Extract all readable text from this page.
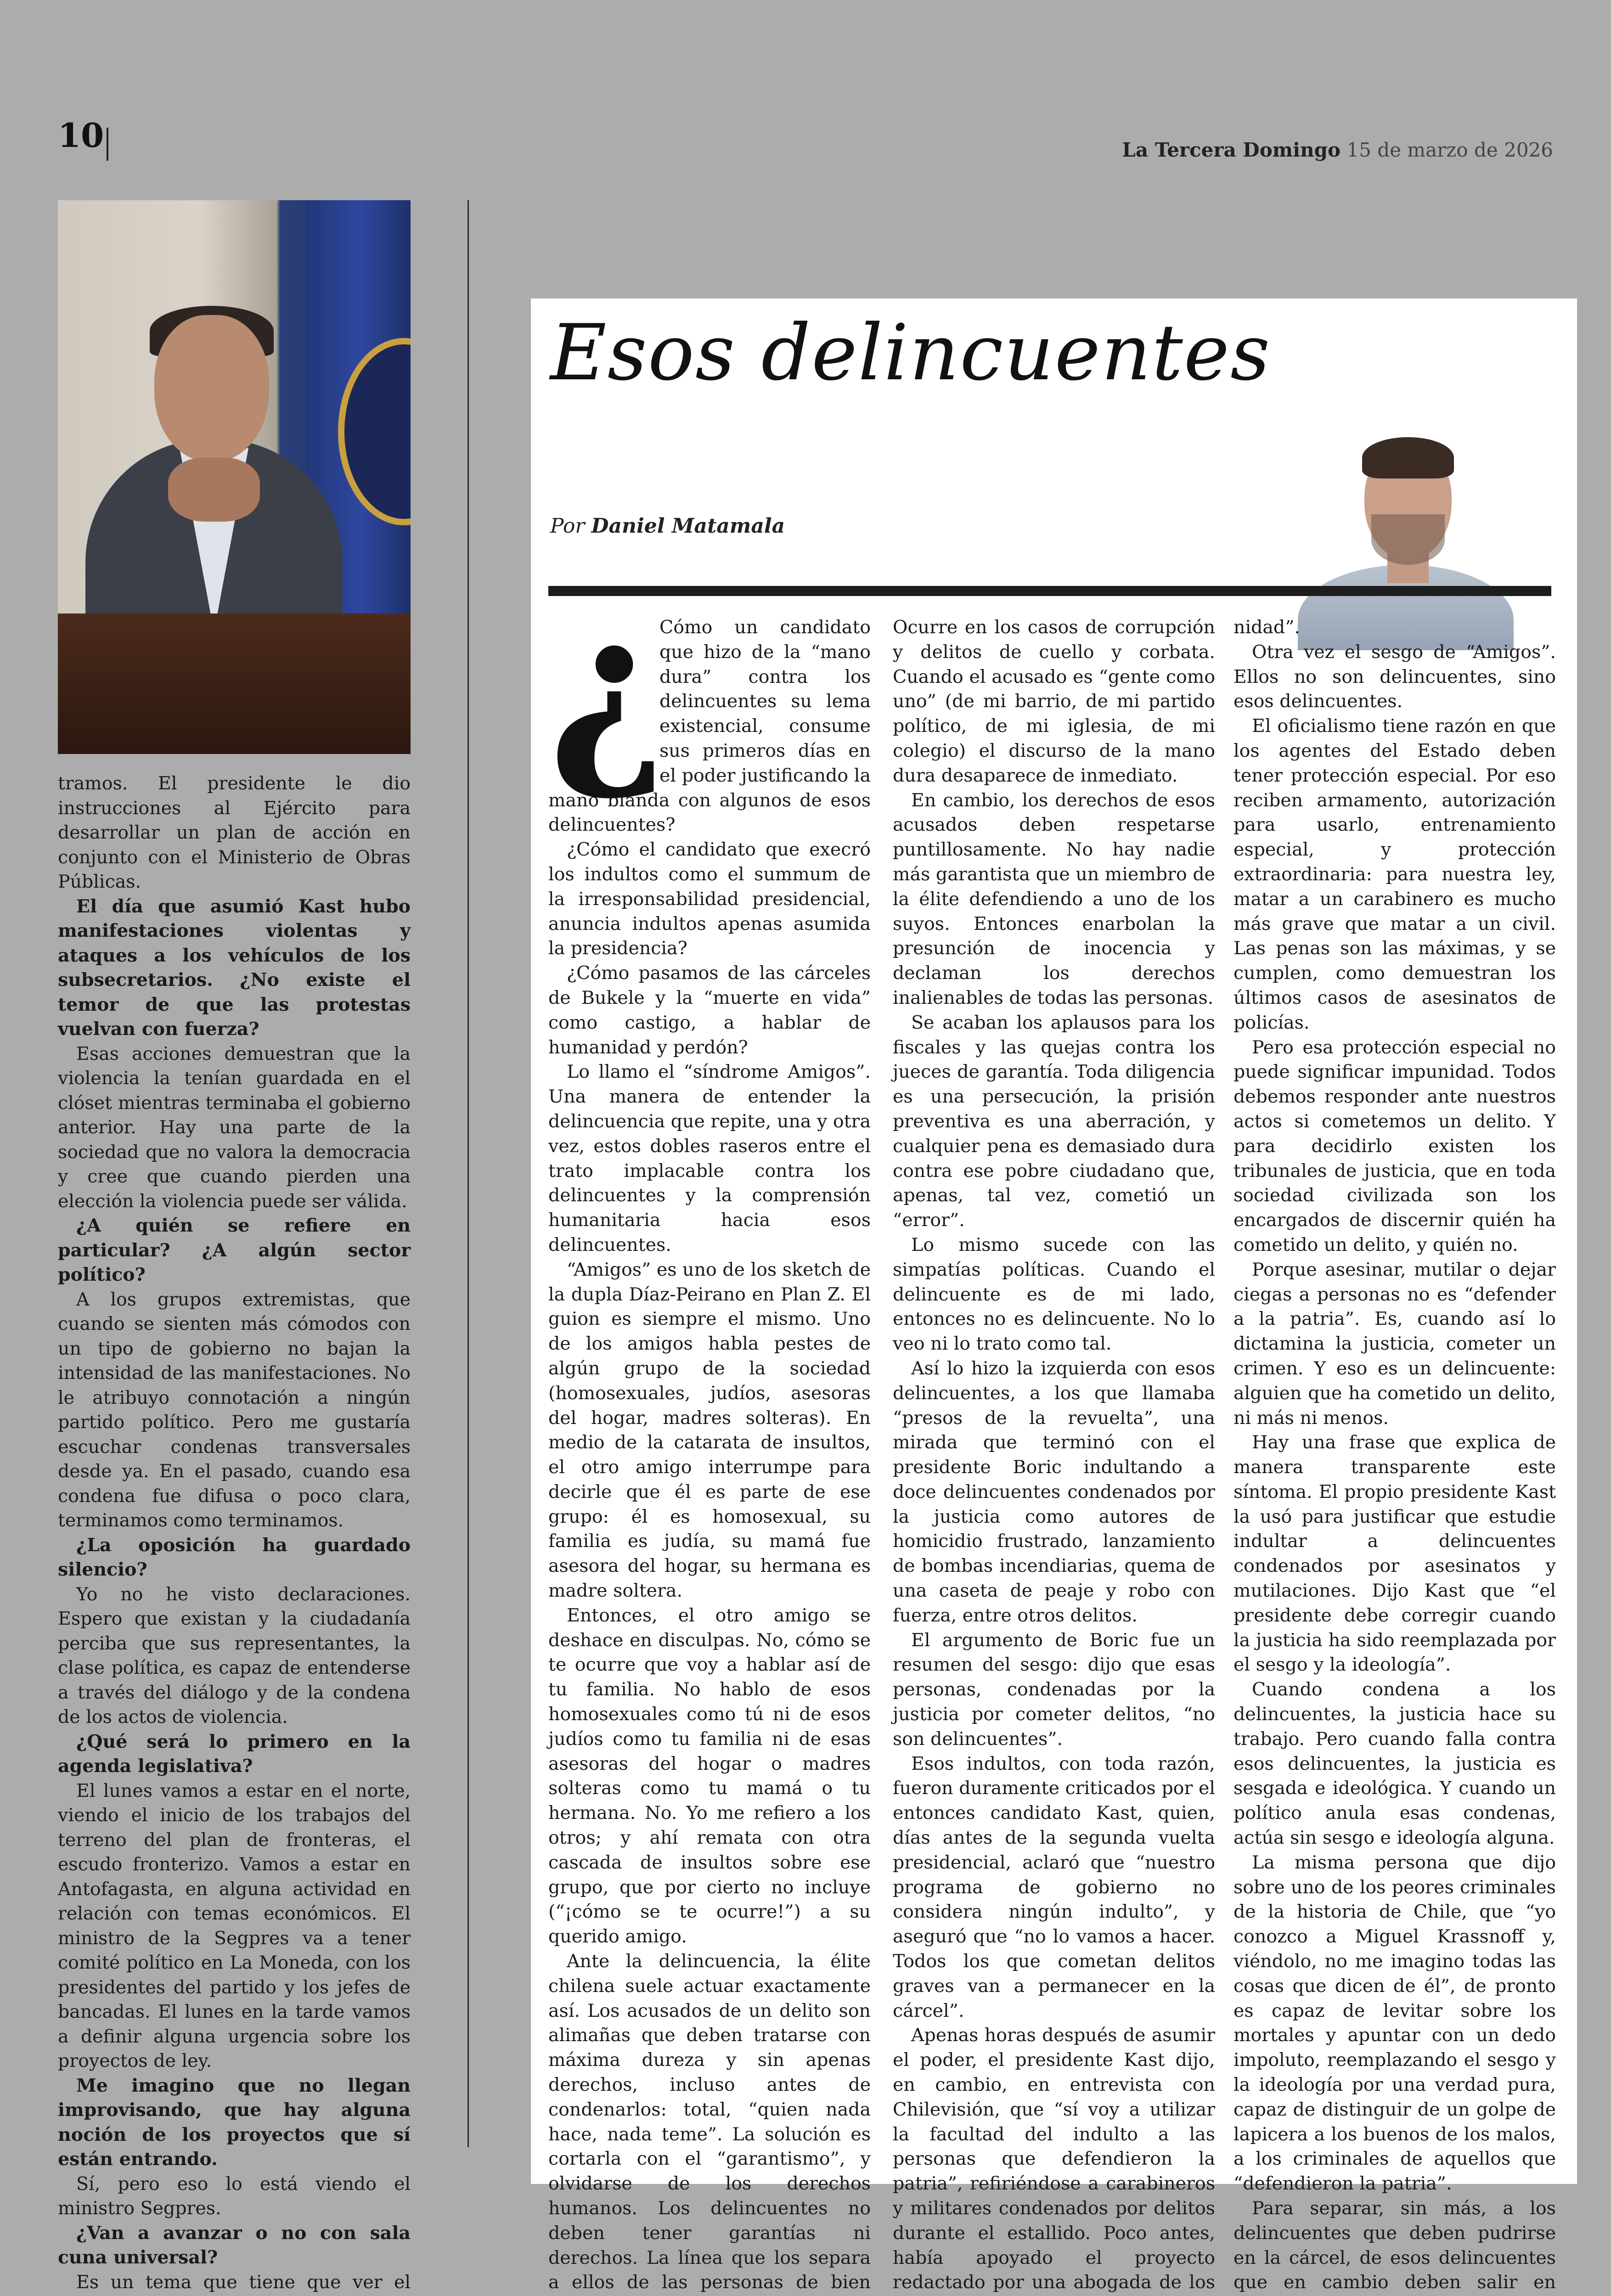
10	La Tercera Domingo 15 de marzo de 2026

tramos. El presidente le dio instrucciones al Ejército para desarrollar un plan de acción en conjunto con el Ministerio de Obras Públicas.

El día que asumió Kast hubo manifestaciones violentas y ataques a los vehículos de los subsecretarios. ¿No existe el temor de que las protestas vuelvan con fuerza?

Esas acciones demuestran que la violencia la tenían guardada en el clóset mientras terminaba el gobierno anterior. Hay una parte de la sociedad que no valora la democracia y cree que cuando pierden una elección la violencia puede ser válida.

¿A quién se refiere en particular? ¿A algún sector político?

A los grupos extremistas, que cuando se sienten más cómodos con un tipo de gobierno no bajan la intensidad de las manifestaciones. No le atribuyo connotación a ningún partido político. Pero me gustaría escuchar condenas transversales desde ya. En el pasado, cuando esa condena fue difusa o poco clara, terminamos como terminamos.

¿La oposición ha guardado silencio?

Yo no he visto declaraciones. Espero que existan y la ciudadanía perciba que sus representantes, la clase política, es capaz de entenderse a través del diálogo y de la condena de los actos de violencia.

¿Qué será lo primero en la agenda legislativa?

El lunes vamos a estar en el norte, viendo el inicio de los trabajos del terreno del plan de fronteras, el escudo fronterizo. Vamos a estar en Antofagasta, en alguna actividad en relación con temas económicos. El ministro de la Segpres va a tener comité político en La Moneda, con los presidentes del partido y los jefes de bancadas. El lunes en la tarde vamos a definir alguna urgencia sobre los proyectos de ley.

Me imagino que no llegan improvisando, que hay alguna noción de los proyectos que sí están entrando.

Sí, pero eso lo está viendo el ministro Segpres.

¿Van a avanzar o no con sala cuna universal?

Es un tema que tiene que ver el

Esos delincuentes
Por Daniel Matamala
¿

Cómo un candidato que hizo de la “mano dura” contra los delincuentes su lema existencial, consume sus primeros días en el poder justificando la mano blanda con algunos de esos delincuentes?

¿Cómo el candidato que execró los indultos como el summum de la irresponsabilidad presidencial, anuncia indultos apenas asumida la presidencia?

¿Cómo pasamos de las cárceles de Bukele y la “muerte en vida” como castigo, a hablar de humanidad y perdón?

Lo llamo el “síndrome Amigos”. Una manera de entender la delincuencia que repite, una y otra vez, estos dobles raseros entre el trato implacable contra los delincuentes y la comprensión humanitaria hacia esos delincuentes.

“Amigos” es uno de los sketch de la dupla Díaz-Peirano en Plan Z. El guion es siempre el mismo. Uno de los amigos habla pestes de algún grupo de la sociedad (homosexuales, judíos, asesoras del hogar, madres solteras). En medio de la catarata de insultos, el otro amigo interrumpe para decirle que él es parte de ese grupo: él es homosexual, su familia es judía, su mamá fue asesora del hogar, su hermana es madre soltera.

Entonces, el otro amigo se deshace en disculpas. No, cómo se te ocurre que voy a hablar así de tu familia. No hablo de esos homosexuales como tú ni de esos judíos como tu familia ni de esas asesoras del hogar o madres solteras como tu mamá o tu hermana. No. Yo me refiero a los otros; y ahí remata con otra cascada de insultos sobre ese grupo, que por cierto no incluye (“¡cómo se te ocurre!”) a su querido amigo.

Ante la delincuencia, la élite chilena suele actuar exactamente así. Los acusados de un delito son alimañas que deben tratarse con máxima dureza y sin apenas derechos, incluso antes de condenarlos: total, “quien nada hace, nada teme”. La solución es cortarla con el “garantismo”, y olvidarse de los derechos humanos. Los delincuentes no deben tener garantías ni derechos. La línea que los separa a ellos de las personas de bien

Ocurre en los casos de corrupción y delitos de cuello y corbata. Cuando el acusado es “gente como uno” (de mi barrio, de mi partido político, de mi iglesia, de mi colegio) el discurso de la mano dura desaparece de inmediato.

En cambio, los derechos de esos acusados deben respetarse puntillosamente. No hay nadie más garantista que un miembro de la élite defendiendo a uno de los suyos. Entonces enarbolan la presunción de inocencia y declaman los derechos inalienables de todas las personas.

Se acaban los aplausos para los fiscales y las quejas contra los jueces de garantía. Toda diligencia es una persecución, la prisión preventiva es una aberración, y cualquier pena es demasiado dura contra ese pobre ciudadano que, apenas, tal vez, cometió un “error”.

Lo mismo sucede con las simpatías políticas. Cuando el delincuente es de mi lado, entonces no es delincuente. No lo veo ni lo trato como tal.

Así lo hizo la izquierda con esos delincuentes, a los que llamaba “presos de la revuelta”, una mirada que terminó con el presidente Boric indultando a doce delincuentes condenados por la justicia como autores de homicidio frustrado, lanzamiento de bombas incendiarias, quema de una caseta de peaje y robo con fuerza, entre otros delitos.

El argumento de Boric fue un resumen del sesgo: dijo que esas personas, condenadas por la justicia por cometer delitos, “no son delincuentes”.

Esos indultos, con toda razón, fueron duramente criticados por el entonces candidato Kast, quien, días antes de la segunda vuelta presidencial, aclaró que “nuestro programa de gobierno no considera ningún indulto”, y aseguró que “no lo vamos a hacer. Todos los que cometan delitos graves van a permanecer en la cárcel”.

Apenas horas después de asumir el poder, el presidente Kast dijo, en cambio, en entrevista con Chilevisión, que “sí voy a utilizar la facultad del indulto a las personas que defendieron la patria”, refiriéndose a carabineros y militares condenados por delitos durante el estallido. Poco antes, había apoyado el proyecto redactado por una abogada de los

nidad”.

Otra vez el sesgo de “Amigos”. Ellos no son delincuentes, sino esos delincuentes.

El oficialismo tiene razón en que los agentes del Estado deben tener protección especial. Por eso reciben armamento, autorización para usarlo, entrenamiento especial, y protección extraordinaria: para nuestra ley, matar a un carabinero es mucho más grave que matar a un civil. Las penas son las máximas, y se cumplen, como demuestran los últimos casos de asesinatos de policías.

Pero esa protección especial no puede significar impunidad. Todos debemos responder ante nuestros actos si cometemos un delito. Y para decidirlo existen los tribunales de justicia, que en toda sociedad civilizada son los encargados de discernir quién ha cometido un delito, y quién no.

Porque asesinar, mutilar o dejar ciegas a personas no es “defender a la patria”. Es, cuando así lo dictamina la justicia, cometer un crimen. Y eso es un delincuente: alguien que ha cometido un delito, ni más ni menos.

Hay una frase que explica de manera transparente este síntoma. El propio presidente Kast la usó para justificar que estudie indultar a delincuentes condenados por asesinatos y mutilaciones. Dijo Kast que “el presidente debe corregir cuando la justicia ha sido reemplazada por el sesgo y la ideología”.

Cuando condena a los delincuentes, la justicia hace su trabajo. Pero cuando falla contra esos delincuentes, la justicia es sesgada e ideológica. Y cuando un político anula esas condenas, actúa sin sesgo e ideología alguna.

La misma persona que dijo sobre uno de los peores criminales de la historia de Chile, que “yo conozco a Miguel Krassnoff y, viéndolo, no me imagino todas las cosas que dicen de él”, de pronto es capaz de levitar sobre los mortales y apuntar con un dedo impoluto, reemplazando el sesgo y la ideología por una verdad pura, capaz de distinguir de un golpe de lapicera a los buenos de los malos, a los criminales de aquellos que “defendieron la patria”.

Para separar, sin más, a los delincuentes que deben pudrirse en la cárcel, de esos delincuentes que en cambio deben salir en
